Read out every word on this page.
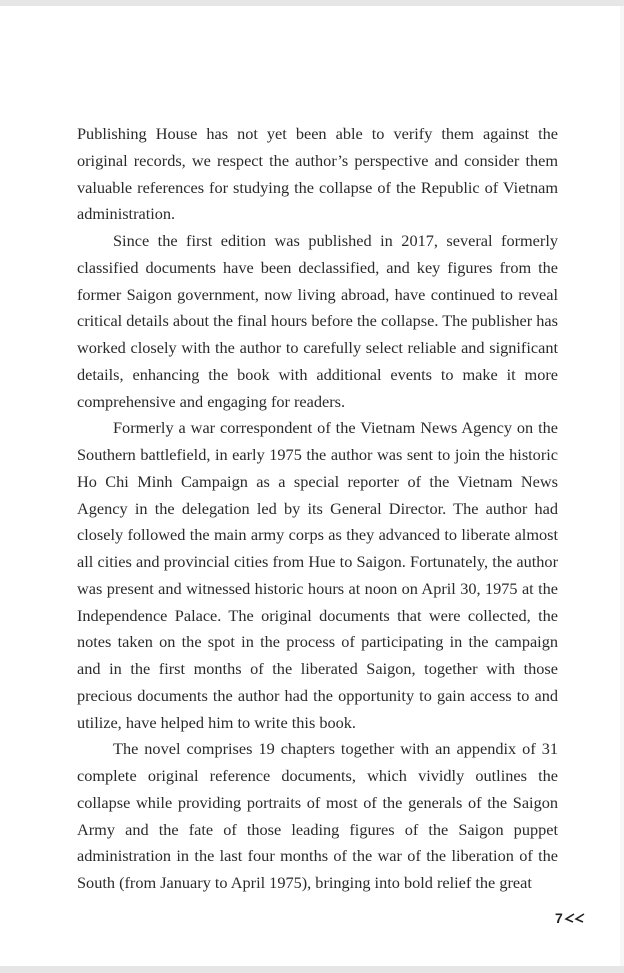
Publishing House has not yet been able to verify them against the original records, we respect the author’s perspective and consider them valuable references for studying the collapse of the Republic of Vietnam administration.

Since the first edition was published in 2017, several formerly classified documents have been declassified, and key figures from the former Saigon government, now living abroad, have continued to reveal critical details about the final hours before the collapse. The publisher has worked closely with the author to carefully select reliable and significant details, enhancing the book with additional events to make it more comprehensive and engaging for readers.

Formerly a war correspondent of the Vietnam News Agency on the Southern battlefield, in early 1975 the author was sent to join the historic Ho Chi Minh Campaign as a special reporter of the Vietnam News Agency in the delegation led by its General Director. The author had closely followed the main army corps as they advanced to liberate almost all cities and provincial cities from Hue to Saigon. Fortunately, the author was present and witnessed historic hours at noon on April 30, 1975 at the Independence Palace. The original documents that were collected, the notes taken on the spot in the process of participating in the campaign and in the first months of the liberated Saigon, together with those precious documents the author had the opportunity to gain access to and utilize, have helped him to write this book.

The novel comprises 19 chapters together with an appendix of 31 complete original reference documents, which vividly outlines the collapse while providing portraits of most of the generals of the Saigon Army and the fate of those leading figures of the Saigon puppet administration in the last four months of the war of the liberation of the South (from January to April 1975), bringing into bold relief the great

7
